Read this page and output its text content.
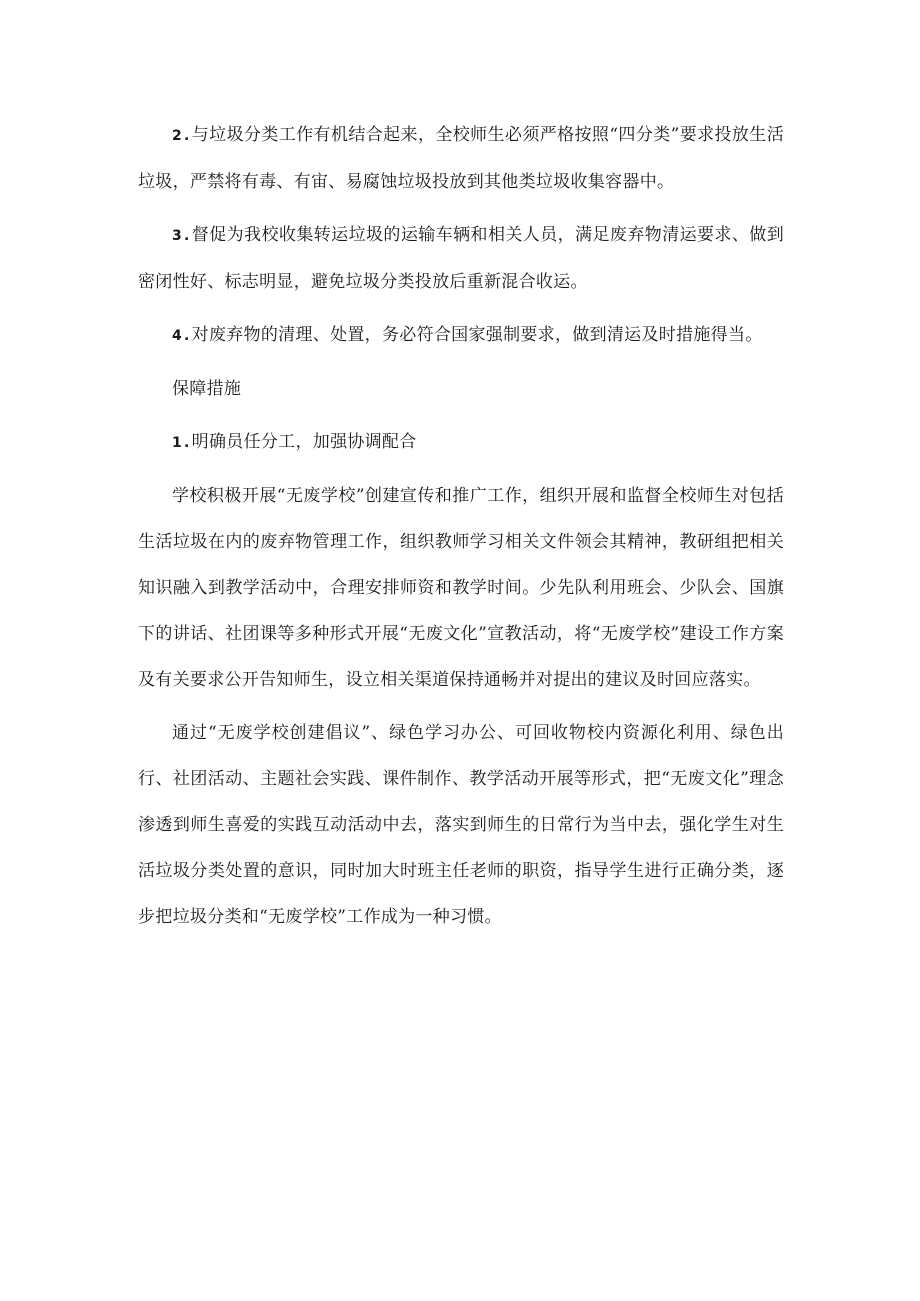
2 . 与垃圾分类工作有机结合起来，全校师生必须严格按照“四分类”要求投放生活垃圾，严禁将有毒、有宙、易腐蚀垃圾投放到其他类垃圾收集容器中。

3 . 督促为我校收集转运垃圾的运输车辆和相关人员，满足废弃物清运要求、做到密闭性好、标志明显，避免垃圾分类投放后重新混合收运。

4 . 对废弃物的清理、处置，务必符合国家强制要求，做到清运及时措施得当。

保障措施

1 . 明确员任分工，加强协调配合

学校积极开展“无废学校”创建宣传和推广工作，组织开展和监督全校师生对包括生活垃圾在内的废弃物管理工作，组织教师学习相关文件领会其精神，教研组把相关知识融入到教学活动中，合理安排师资和教学时间。少先队利用班会、少队会、国旗下的讲话、社团课等多种形式开展“无废文化”宣教活动，将“无废学校”建设工作方案及有关要求公开告知师生，设立相关渠道保持通畅并对提出的建议及时回应落实。

通过“无废学校创建倡议”、绿色学习办公、可回收物校内资源化利用、绿色出行、社团活动、主题社会实践、课件制作、教学活动开展等形式，把“无废文化”理念渗透到师生喜爱的实践互动活动中去，落实到师生的日常行为当中去，强化学生对生活垃圾分类处置的意识，同时加大时班主任老师的职资，指导学生进行正确分类，逐步把垃圾分类和“无废学校”工作成为一种习惯。
